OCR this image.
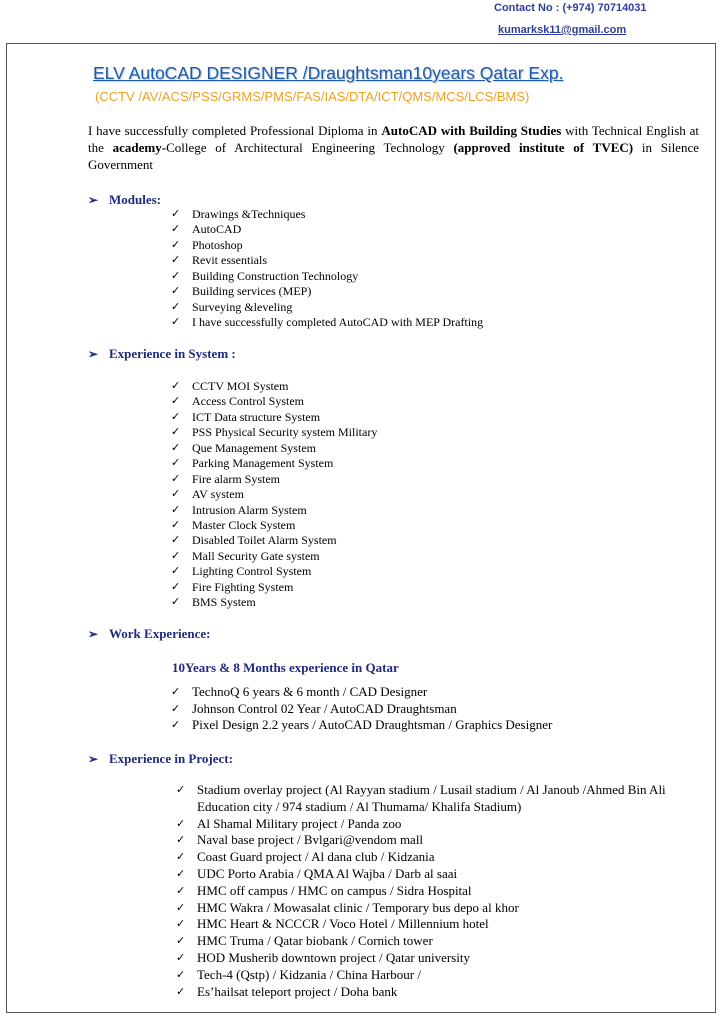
Contact No : (+974) 70714031
kumarksk11@gmail.com
ELV AutoCAD DESIGNER /Draughtsman10years Qatar Exp.
(CCTV /AV/ACS/PSS/GRMS/PMS/FAS/IAS/DTA/ICT/QMS/MCS/LCS/BMS)
I have successfully completed Professional Diploma in AutoCAD with Building Studies with Technical English at the academy-College of Architectural Engineering Technology (approved institute of TVEC) in Silence Government
➢ Modules:
✓ Drawings &Techniques
✓ AutoCAD
✓ Photoshop
✓ Revit essentials
✓ Building Construction Technology
✓ Building services (MEP)
✓ Surveying &leveling
✓ I have successfully completed AutoCAD with MEP Drafting
➢ Experience in System :
✓ CCTV MOI System
✓ Access Control System
✓ ICT Data structure System
✓ PSS Physical Security system Military
✓ Que Management System
✓ Parking Management System
✓ Fire alarm System
✓ AV system
✓ Intrusion Alarm System
✓ Master Clock System
✓ Disabled Toilet Alarm System
✓ Mall Security Gate system
✓ Lighting Control System
✓ Fire Fighting System
✓ BMS System
➢ Work Experience:
10Years & 8 Months experience in Qatar
✓ TechnoQ 6 years & 6 month / CAD Designer
✓ Johnson Control 02 Year / AutoCAD Draughtsman
✓ Pixel Design 2.2 years / AutoCAD Draughtsman / Graphics Designer
➢ Experience in Project:
✓ Stadium overlay project (Al Rayyan stadium / Lusail stadium / Al Janoub /Ahmed Bin Ali Education city / 974 stadium / Al Thumama/ Khalifa Stadium)
✓ Al Shamal Military project / Panda zoo
✓ Naval base project / Bvlgari@vendom mall
✓ Coast Guard project / Al dana club / Kidzania
✓ UDC Porto Arabia / QMA Al Wajba / Darb al saai
✓ HMC off campus / HMC on campus / Sidra Hospital
✓ HMC Wakra / Mowasalat clinic / Temporary bus depo al khor
✓ HMC Heart & NCCCR / Voco Hotel / Millennium hotel
✓ HMC Truma / Qatar biobank / Cornich tower
✓ HOD Musherib downtown project / Qatar university
✓ Tech-4 (Qstp) / Kidzania / China Harbour /
✓ Es’hailsat teleport project / Doha bank
